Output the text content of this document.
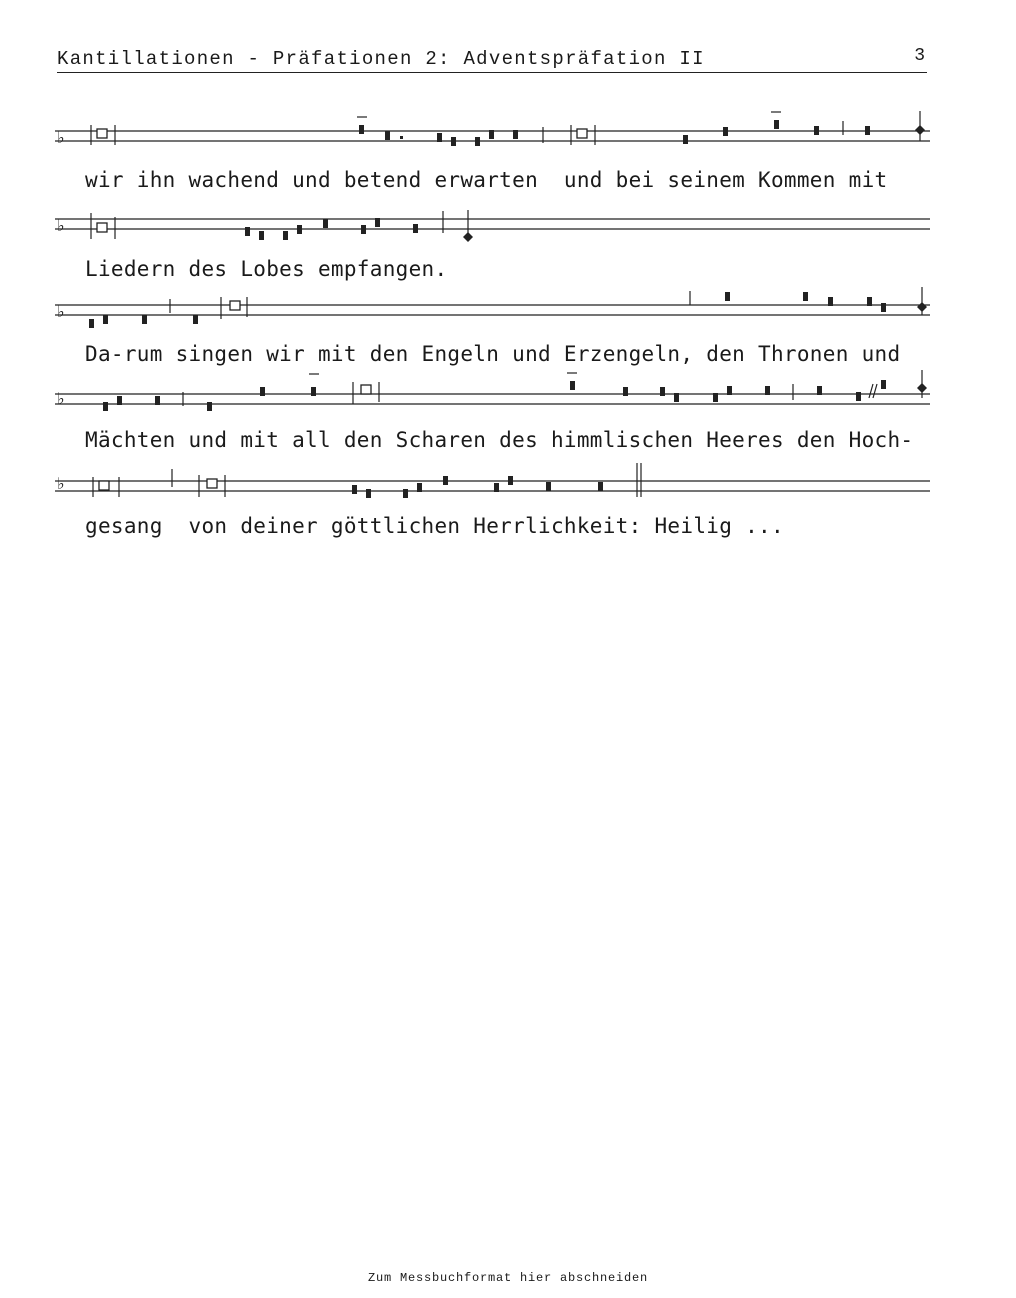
Kantillationen - Präfationen 2: Adventspräfation II	3
♭
wir ihn wachend und betend erwarten  und bei seinem Kommen mit
♭
Liedern des Lobes empfangen.
♭
Da-rum singen wir mit den Engeln und Erzengeln, den Thronen und
♭
Mächten und mit all den Scharen des himmlischen Heeres den Hoch-
♭
gesang  von deiner göttlichen Herrlichkeit: Heilig ...
Zum Messbuchformat hier abschneiden
